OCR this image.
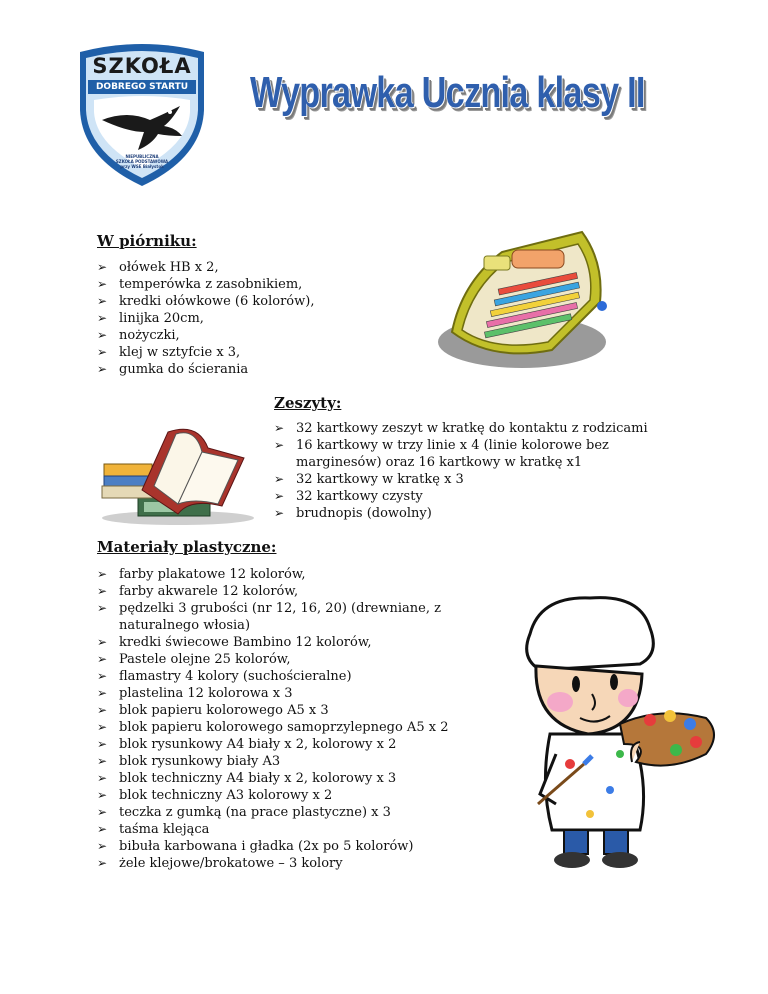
SZKOŁA
DOBREGO STARTU
NIEPUBLICZNA
SZKOŁA PODSTAWOWA
przy WSE Białystok
Wyprawka Ucznia klasy II
W piórniku:
➢ ołówek HB x 2,
➢ temperówka z zasobnikiem,
➢ kredki ołówkowe (6 kolorów),
➢ linijka 20cm,
➢ nożyczki,
➢ klej w sztyfcie x 3,
➢ gumka do ścierania
Zeszyty:
➢ 32 kartkowy zeszyt w kratkę do kontaktu z rodzicami
➢ 16 kartkowy w trzy linie x 4 (linie kolorowe bez marginesów) oraz 16 kartkowy w kratkę x1
➢ 32 kartkowy w kratkę x 3
➢ 32 kartkowy czysty
➢ brudnopis (dowolny)
Materiały plastyczne:
➢ farby plakatowe 12 kolorów,
➢ farby akwarele 12 kolorów,
➢ pędzelki 3 grubości (nr 12, 16, 20) (drewniane, z naturalnego włosia)
➢ kredki świecowe Bambino 12 kolorów,
➢ Pastele olejne 25 kolorów,
➢ flamastry 4 kolory (suchościeralne)
➢ plastelina 12 kolorowa x 3
➢ blok papieru kolorowego A5 x 3
➢ blok papieru kolorowego samoprzylepnego A5 x 2
➢ blok rysunkowy A4 biały x 2, kolorowy x 2
➢ blok rysunkowy biały A3
➢ blok techniczny A4 biały x 2, kolorowy x 3
➢ blok techniczny A3 kolorowy x 2
➢ teczka z gumką (na prace plastyczne) x 3
➢ taśma klejąca
➢ bibuła karbowana i gładka (2x po 5 kolorów)
➢ żele klejowe/brokatowe – 3 kolory
